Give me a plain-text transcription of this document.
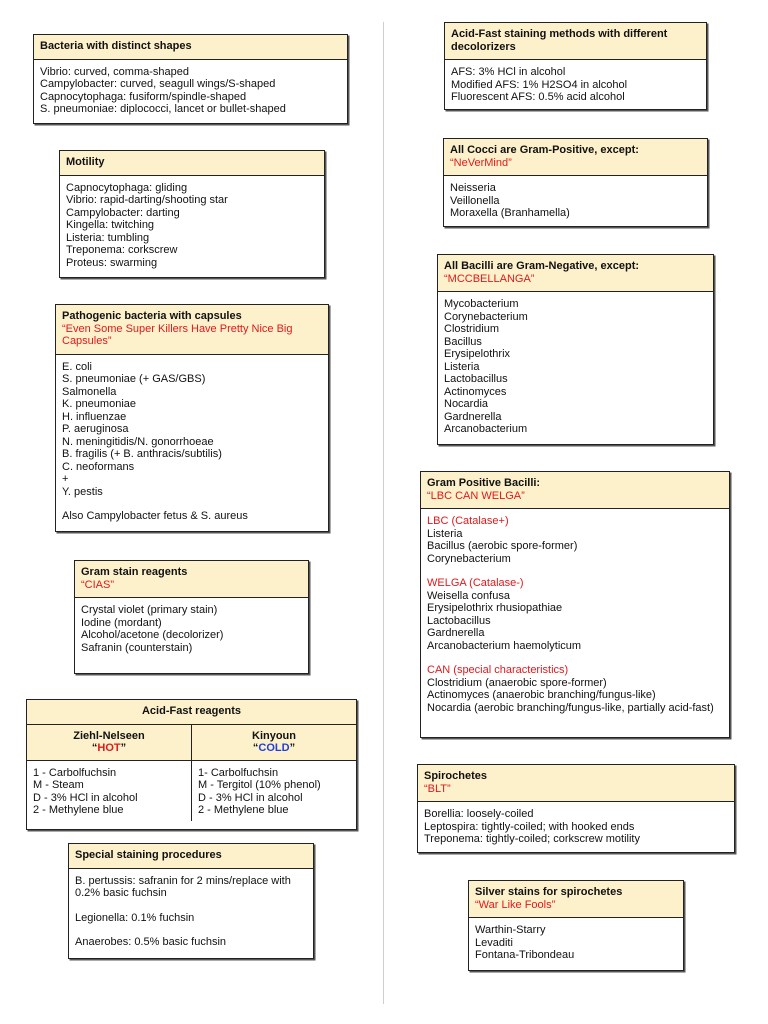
Bacteria with distinct shapes
Vibrio: curved, comma-shaped
Campylobacter: curved, seagull wings/S-shaped
Capnocytophaga: fusiform/spindle-shaped
S. pneumoniae: diplococci, lancet or bullet-shaped
Motility
Capnocytophaga: gliding
Vibrio: rapid-darting/shooting star
Campylobacter: darting
Kingella: twitching
Listeria: tumbling
Treponema: corkscrew
Proteus: swarming
Pathogenic bacteria with capsules
“Even Some Super Killers Have Pretty Nice Big Capsules”
E. coli
S. pneumoniae (+ GAS/GBS)
Salmonella
K. pneumoniae
H. influenzae
P. aeruginosa
N. meningitidis/N. gonorrhoeae
B. fragilis (+ B. anthracis/subtilis)
C. neoformans
+
Y. pestis
Also Campylobacter fetus & S. aureus
Gram stain reagents
“CIAS”
Crystal violet (primary stain)
Iodine (mordant)
Alcohol/acetone (decolorizer)
Safranin (counterstain)
Acid-Fast reagents
Ziehl-Nelseen
“HOT”
1 - Carbolfuchsin
M - Steam
D - 3% HCl in alcohol
2 - Methylene blue
Kinyoun
“COLD”
1- Carbolfuchsin
M - Tergitol (10% phenol)
D - 3% HCl in alcohol
2 - Methylene blue
Special staining procedures
B. pertussis: safranin for 2 mins/replace with 0.2% basic fuchsin
Legionella: 0.1% fuchsin
Anaerobes: 0.5% basic fuchsin
Acid-Fast staining methods with different decolorizers
AFS: 3% HCl in alcohol
Modified AFS: 1% H2SO4 in alcohol
Fluorescent AFS: 0.5% acid alcohol
All Cocci are Gram-Positive, except:
“NeVerMind”
Neisseria
Veillonella
Moraxella (Branhamella)
All Bacilli are Gram-Negative, except:
“MCCBELLANGA”
Mycobacterium
Corynebacterium
Clostridium
Bacillus
Erysipelothrix
Listeria
Lactobacillus
Actinomyces
Nocardia
Gardnerella
Arcanobacterium
Gram Positive Bacilli:
“LBC CAN WELGA”
LBC (Catalase+)
Listeria
Bacillus (aerobic spore-former)
Corynebacterium
WELGA (Catalase-)
Weisella confusa
Erysipelothrix rhusiopathiae
Lactobacillus
Gardnerella
Arcanobacterium haemolyticum
CAN (special characteristics)
Clostridium (anaerobic spore-former)
Actinomyces (anaerobic branching/fungus-like)
Nocardia (aerobic branching/fungus-like, partially acid-fast)
Spirochetes
“BLT”
Borellia: loosely-coiled
Leptospira: tightly-coiled; with hooked ends
Treponema: tightly-coiled; corkscrew motility
Silver stains for spirochetes
“War Like Fools”
Warthin-Starry
Levaditi
Fontana-Tribondeau
